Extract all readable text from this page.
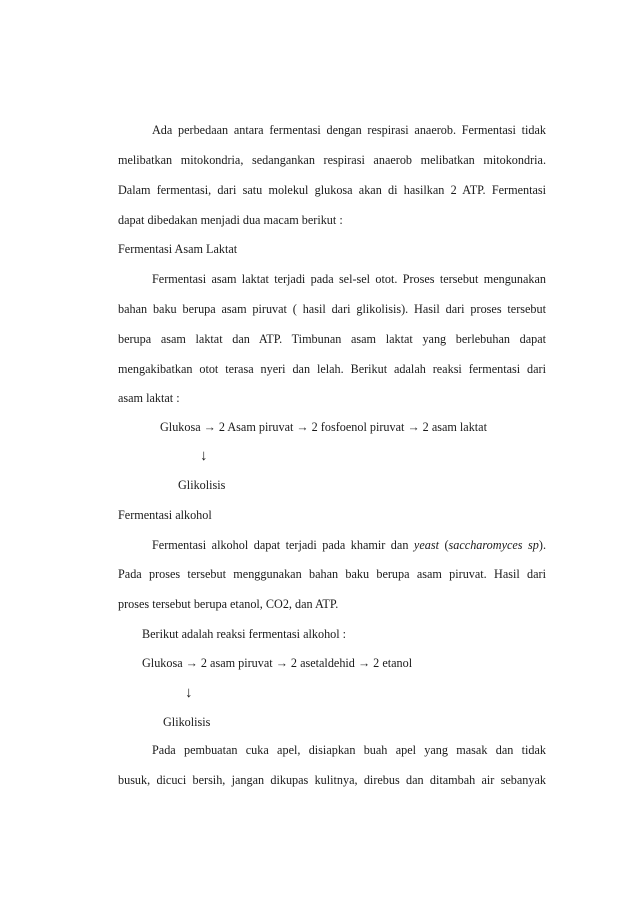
Ada perbedaan antara fermentasi dengan respirasi anaerob. Fermentasi tidak
melibatkan mitokondria, sedangankan respirasi anaerob melibatkan mitokondria.
Dalam fermentasi, dari satu molekul glukosa akan di hasilkan 2 ATP. Fermentasi
dapat dibedakan menjadi dua macam berikut :
Fermentasi Asam Laktat
Fermentasi asam laktat terjadi pada sel-sel otot. Proses tersebut mengunakan
bahan baku berupa asam piruvat ( hasil dari glikolisis). Hasil dari proses tersebut
berupa asam laktat dan ATP. Timbunan asam laktat yang berlebuhan dapat
mengakibatkan otot terasa nyeri dan lelah. Berikut adalah reaksi fermentasi dari
asam laktat :
Glukosa → 2 Asam piruvat → 2 fosfoenol piruvat → 2 asam laktat
↓
Glikolisis
Fermentasi alkohol
Fermentasi alkohol dapat terjadi pada khamir dan yeast (saccharomyces sp).
Pada proses tersebut menggunakan bahan baku berupa asam piruvat. Hasil dari
proses tersebut berupa etanol, CO2, dan ATP.
Berikut adalah reaksi fermentasi alkohol :
Glukosa → 2 asam piruvat → 2 asetaldehid → 2 etanol
↓
Glikolisis
Pada pembuatan cuka apel, disiapkan buah apel yang masak dan tidak
busuk, dicuci bersih, jangan dikupas kulitnya, direbus dan ditambah air sebanyak
